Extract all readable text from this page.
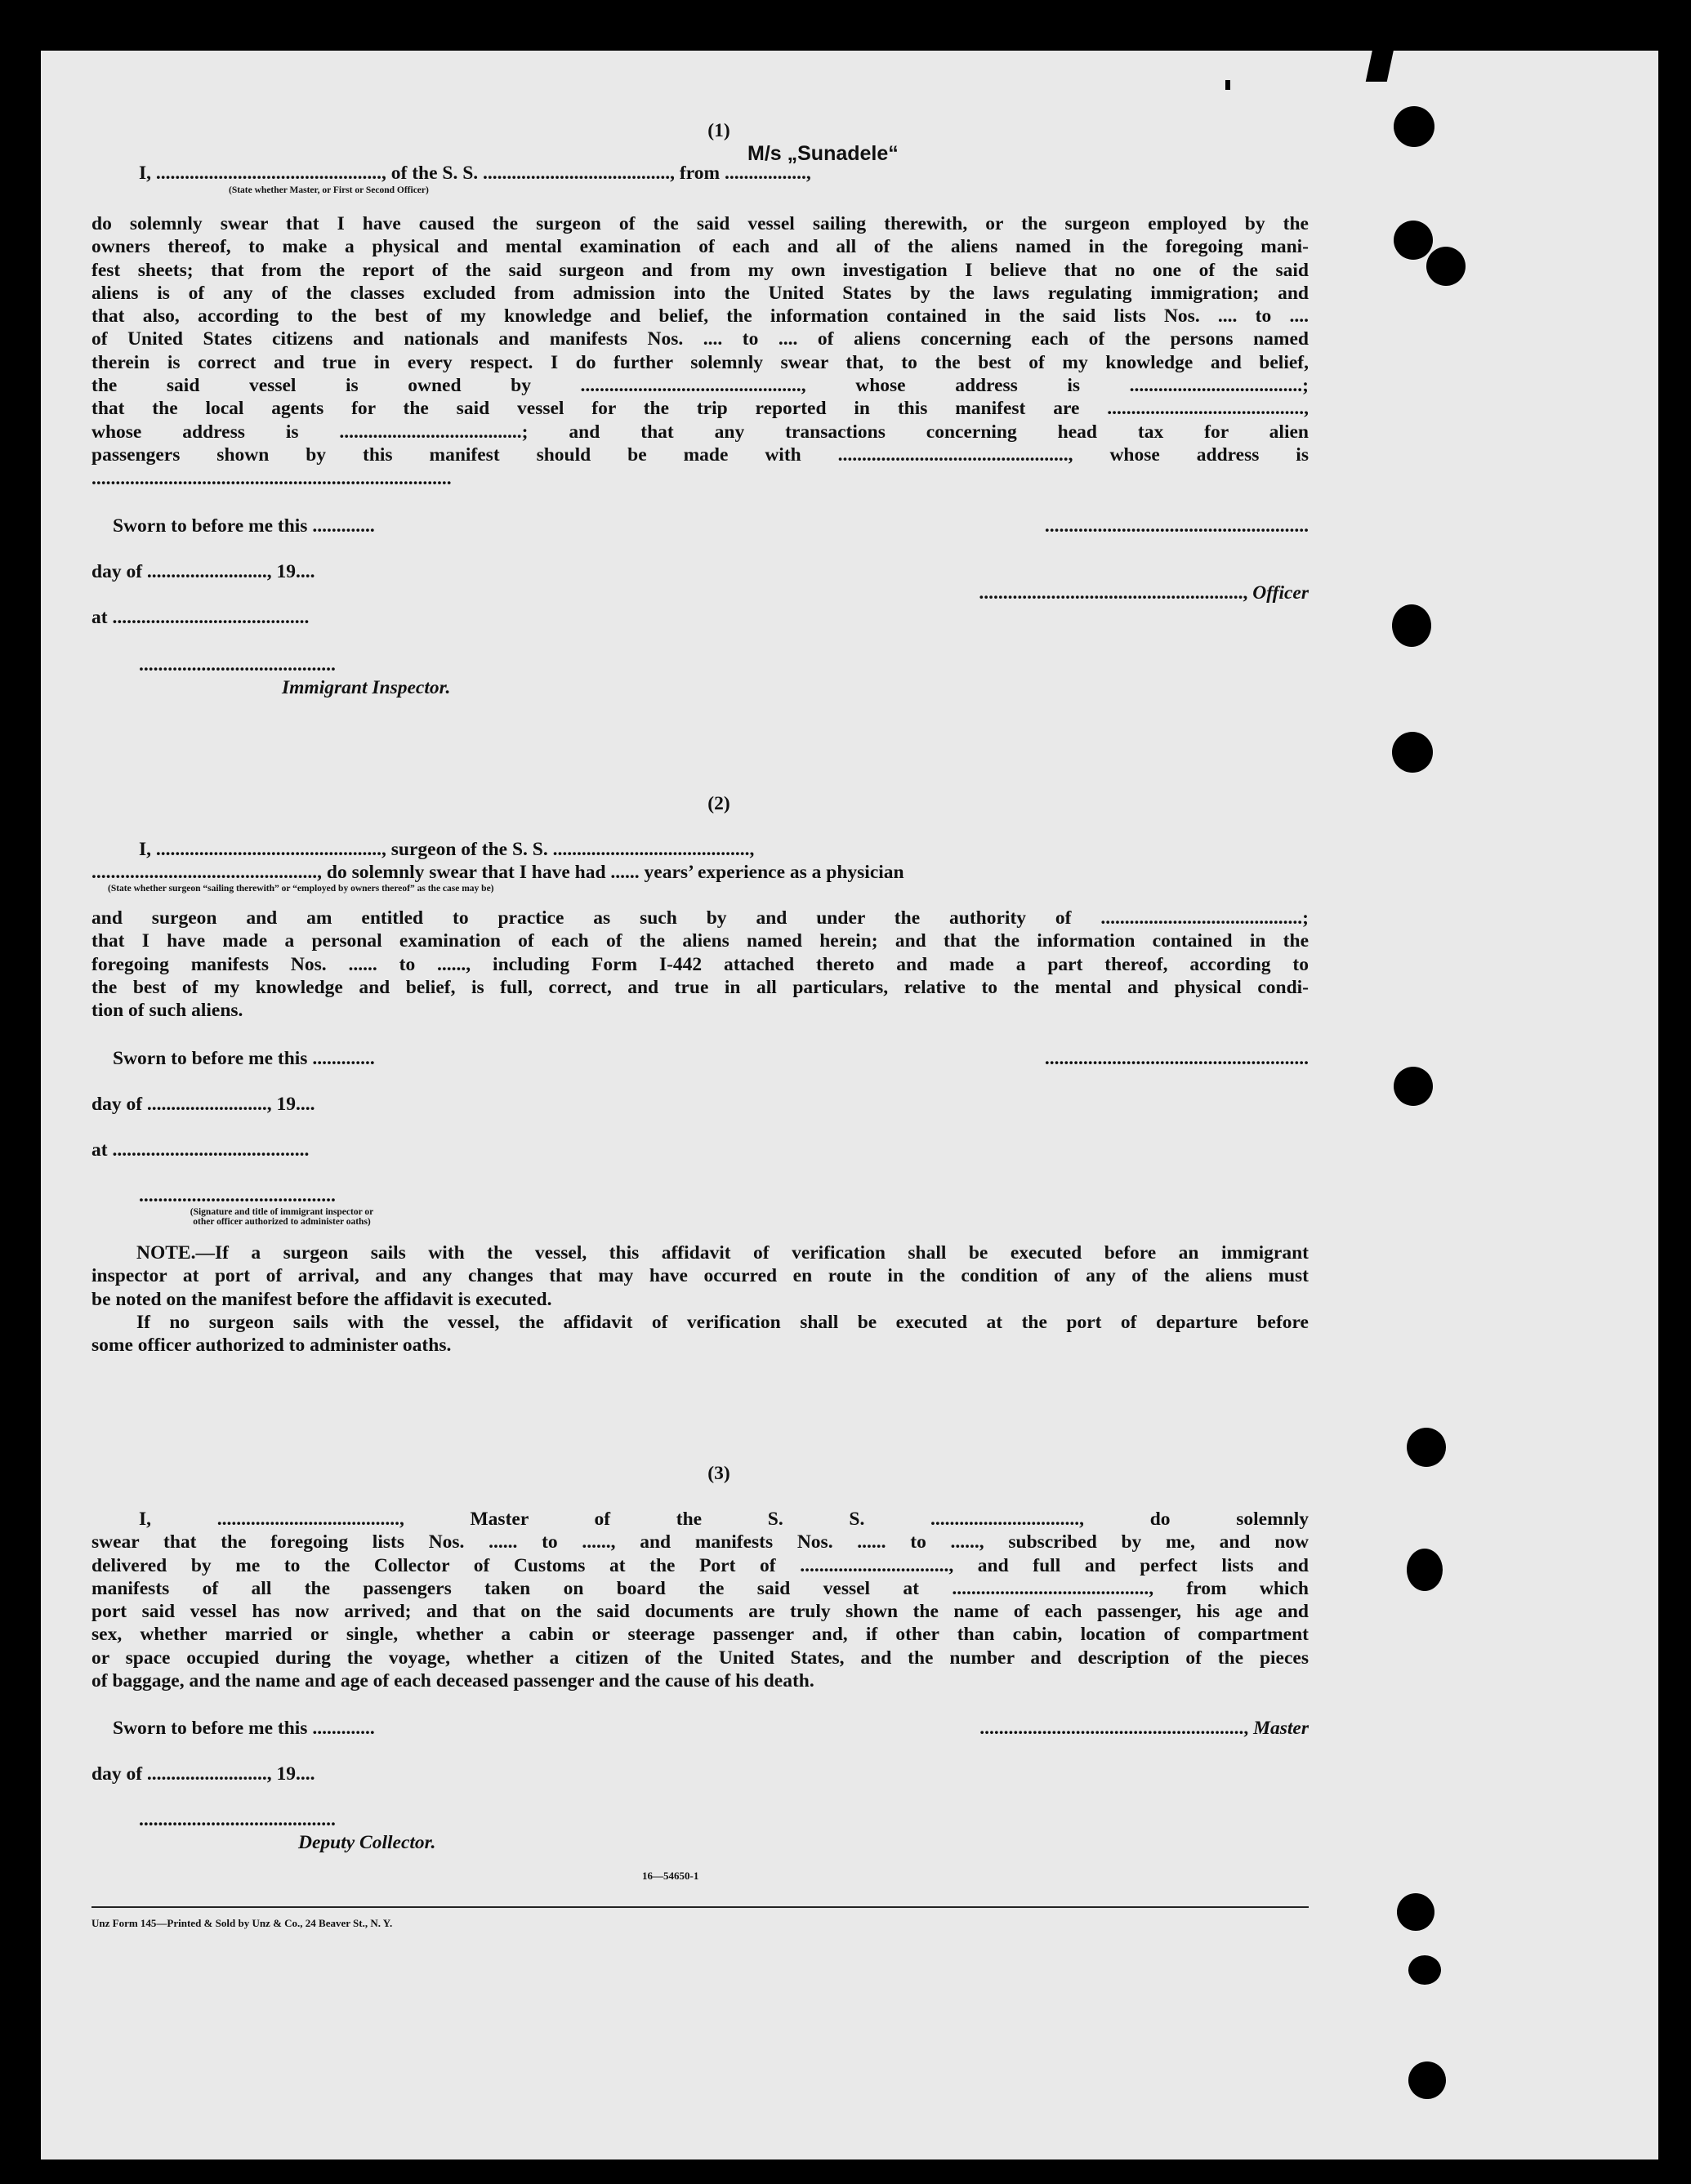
(1)
M/s „Sunadele“
I, ..............................................., of the S. S. ......................................., from .................,
(State whether Master, or First or Second Officer)
do solemnly swear that I have caused the surgeon of the said vessel sailing therewith, or the surgeon employed by the
owners thereof, to make a physical and mental examination of each and all of the aliens named in the foregoing mani-
fest sheets; that from the report of the said surgeon and from my own investigation I believe that no one of the said
aliens is of any of the classes excluded from admission into the United States by the laws regulating immigration; and
that also, according to the best of my knowledge and belief, the information contained in the said lists Nos. .... to ....
of United States citizens and nationals and manifests Nos. .... to .... of aliens concerning each of the persons named
therein is correct and true in every respect. I do further solemnly swear that, to the best of my knowledge and belief,
the said vessel is owned by .............................................., whose address is ....................................;
that the local agents for the said vessel for the trip reported in this manifest are .........................................,
whose address is ......................................; and that any transactions concerning head tax for alien
passengers shown by this manifest should be made with ................................................, whose address is
...........................................................................
Sworn to before me this .............	.......................................................
day of ........................., 19....
......................................................., Officer
at .........................................
.........................................
Immigrant Inspector.
(2)
I, ..............................................., surgeon of the S. S. .........................................,
..............................................., do solemnly swear that I have had ...... years’ experience as a physician
(State whether surgeon “sailing therewith” or “employed by owners thereof” as the case may be)
and surgeon and am entitled to practice as such by and under the authority of ..........................................;
that I have made a personal examination of each of the aliens named herein; and that the information contained in the
foregoing manifests Nos. ...... to ......, including Form I-442 attached thereto and made a part thereof, according to
the best of my knowledge and belief, is full, correct, and true in all particulars, relative to the mental and physical condi-
tion of such aliens.
Sworn to before me this .............	.......................................................
day of ........................., 19....
at .........................................
.........................................
(Signature and title of immigrant inspector or
other officer authorized to administer oaths)
NOTE.—If a surgeon sails with the vessel, this affidavit of verification shall be executed before an immigrant
inspector at port of arrival, and any changes that may have occurred en route in the condition of any of the aliens must
be noted on the manifest before the affidavit is executed.
If no surgeon sails with the vessel, the affidavit of verification shall be executed at the port of departure before
some officer authorized to administer oaths.
(3)
I, ......................................, Master of the S. S. ..............................., do solemnly
swear that the foregoing lists Nos. ...... to ......, and manifests Nos. ...... to ......, subscribed by me, and now
delivered by me to the Collector of Customs at the Port of ..............................., and full and perfect lists and
manifests of all the passengers taken on board the said vessel at ........................................., from which
port said vessel has now arrived; and that on the said documents are truly shown the name of each passenger, his age and
sex, whether married or single, whether a cabin or steerage passenger and, if other than cabin, location of compartment
or space occupied during the voyage, whether a citizen of the United States, and the number and description of the pieces
of baggage, and the name and age of each deceased passenger and the cause of his death.
Sworn to before me this .............	......................................................., Master
day of ........................., 19....
.........................................
Deputy Collector.
16—54650-1
Unz Form 145—Printed & Sold by Unz & Co., 24 Beaver St., N. Y.
